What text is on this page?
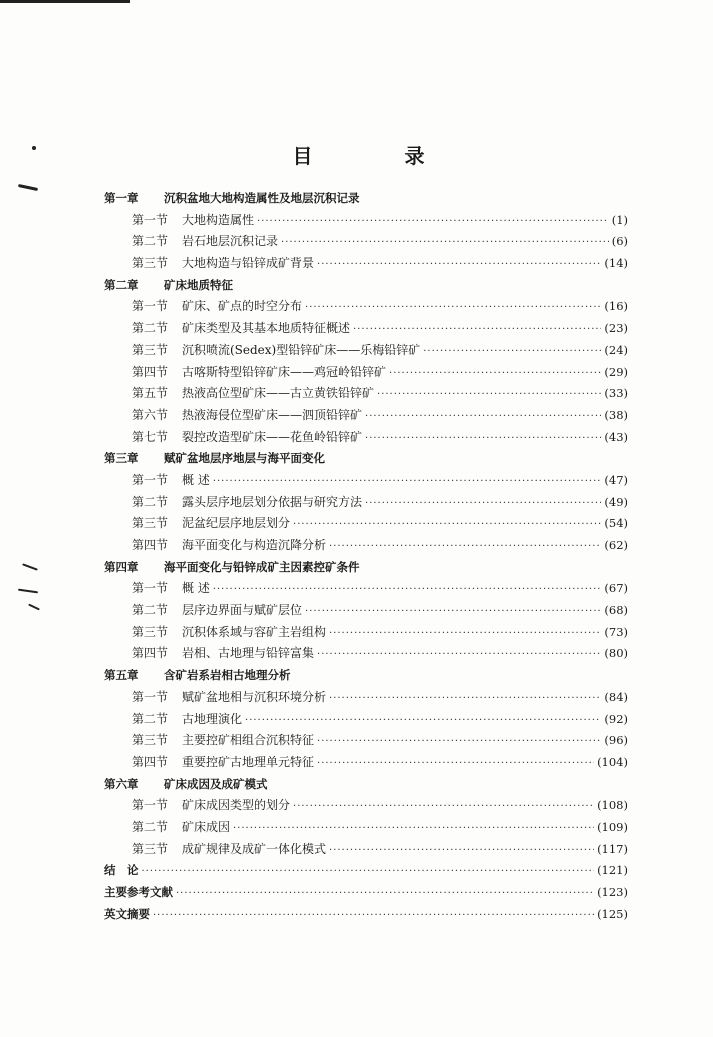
目　录
第一章	沉积盆地大地构造属性及地层沉积记录
第一节	大地构造属性 ·····	(1)
第二节	岩石地层沉积记录 ·····	(6)
第三节	大地构造与铅锌成矿背景 ·····	(14)
第二章	矿床地质特征
第一节	矿床、矿点的时空分布 ·····	(16)
第二节	矿床类型及其基本地质特征概述 ·····	(23)
第三节	沉积喷流(Sedex)型铅锌矿床——乐梅铅锌矿 ·····	(24)
第四节	古喀斯特型铅锌矿床——鸡冠岭铅锌矿 ·····	(29)
第五节	热液高位型矿床——古立黄铁铅锌矿 ·····	(33)
第六节	热液海侵位型矿床——泗顶铅锌矿 ·····	(38)
第七节	裂控改造型矿床——花鱼岭铅锌矿 ·····	(43)
第三章	赋矿盆地层序地层与海平面变化
第一节	概 述 ·····	(47)
第二节	露头层序地层划分依据与研究方法 ·····	(49)
第三节	泥盆纪层序地层划分 ·····	(54)
第四节	海平面变化与构造沉降分析 ·····	(62)
第四章	海平面变化与铅锌成矿主因素控矿条件
第一节	概 述 ·····	(67)
第二节	层序边界面与赋矿层位 ·····	(68)
第三节	沉积体系域与容矿主岩组构 ·····	(73)
第四节	岩相、古地理与铅锌富集 ·····	(80)
第五章	含矿岩系岩相古地理分析
第一节	赋矿盆地相与沉积环境分析 ·····	(84)
第二节	古地理演化 ·····	(92)
第三节	主要控矿相组合沉积特征 ·····	(96)
第四节	重要控矿古地理单元特征 ·····	(104)
第六章	矿床成因及成矿模式
第一节	矿床成因类型的划分 ·····	(108)
第二节	矿床成因 ·····	(109)
第三节	成矿规律及成矿一体化模式 ·····	(117)
结　论 ·····	(121)
主要参考文献 ·····	(123)
英文摘要 ·····	(125)
